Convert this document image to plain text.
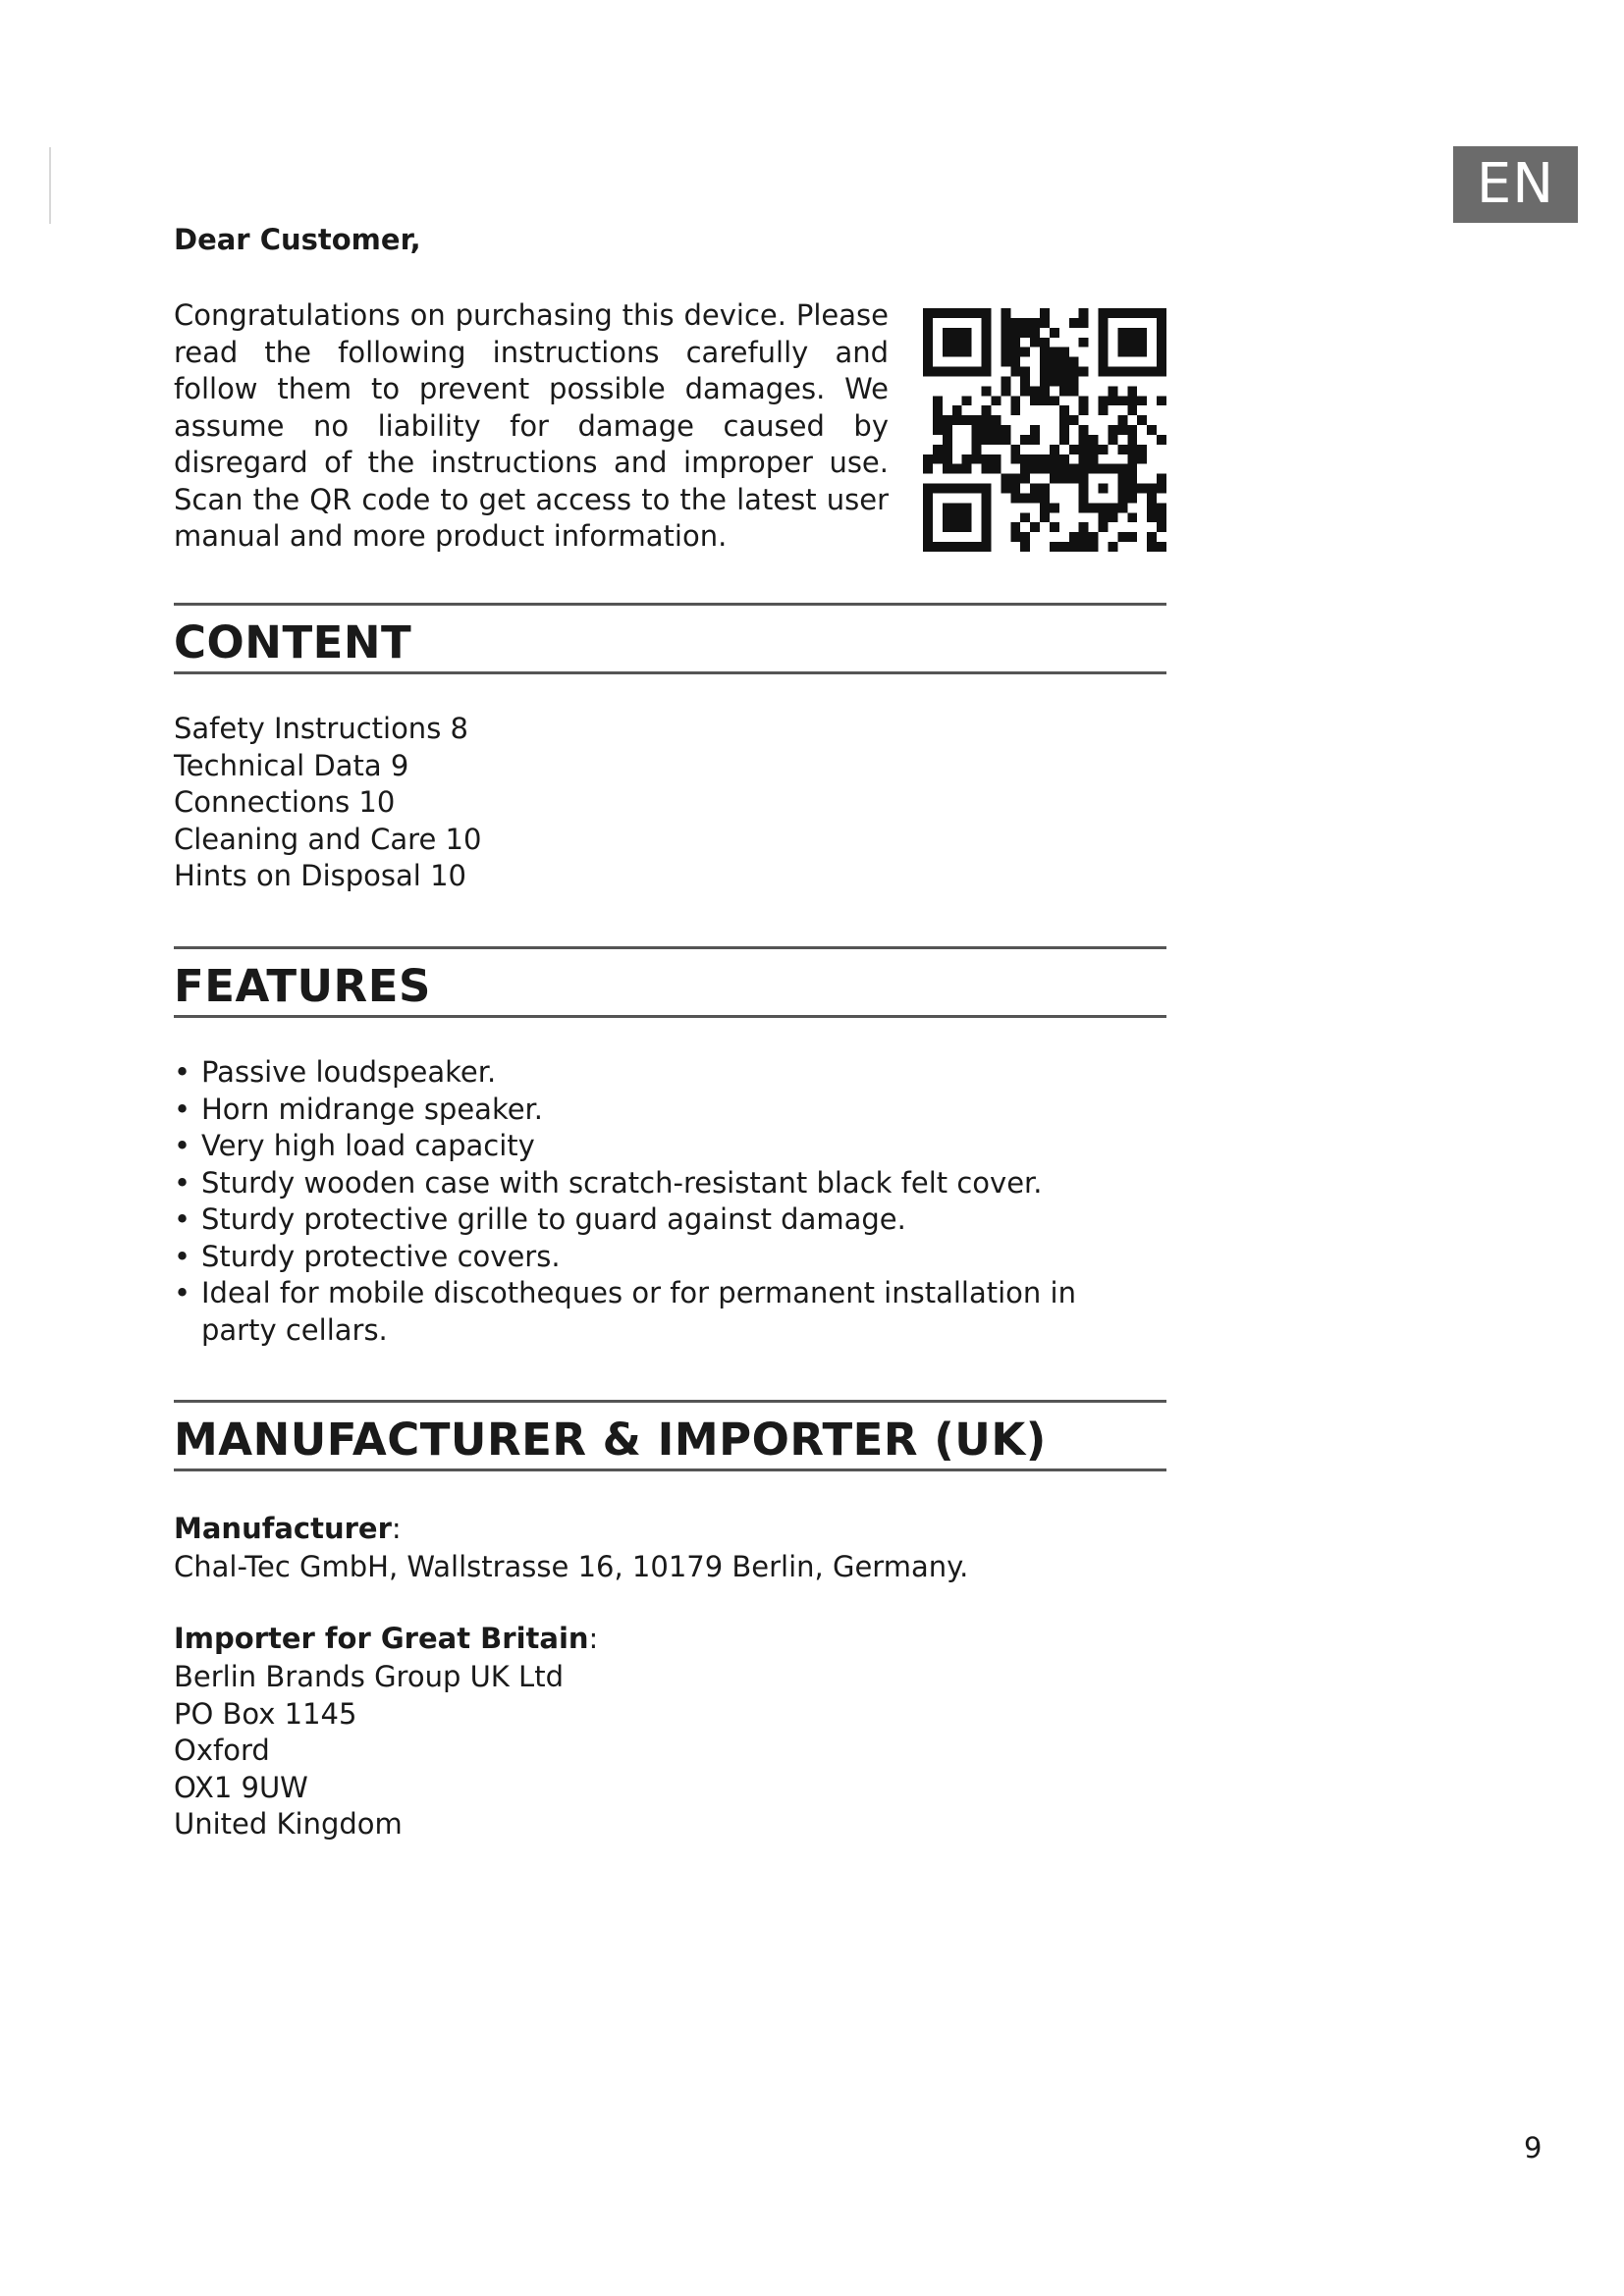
EN
Dear Customer,
Congratulations on purchasing this device. Please read the following instructions carefully and follow them to prevent possible damages. We assume no liability for damage caused by disregard of the instructions and improper use. Scan the QR code to get access to the latest user manual and more product information.
CONTENT
Safety Instructions 8
Technical Data 9
Connections 10
Cleaning and Care 10
Hints on Disposal 10
FEATURES
• Passive loudspeaker.
• Horn midrange speaker.
• Very high load capacity
• Sturdy wooden case with scratch-resistant black felt cover.
• Sturdy protective grille to guard against damage.
• Sturdy protective covers.
• Ideal for mobile discotheques or for permanent installation in party cellars.
MANUFACTURER & IMPORTER (UK)
Manufacturer:
Chal-Tec GmbH, Wallstrasse 16, 10179 Berlin, Germany.
Importer for Great Britain:
Berlin Brands Group UK Ltd
PO Box 1145
Oxford
OX1 9UW
United Kingdom
9
